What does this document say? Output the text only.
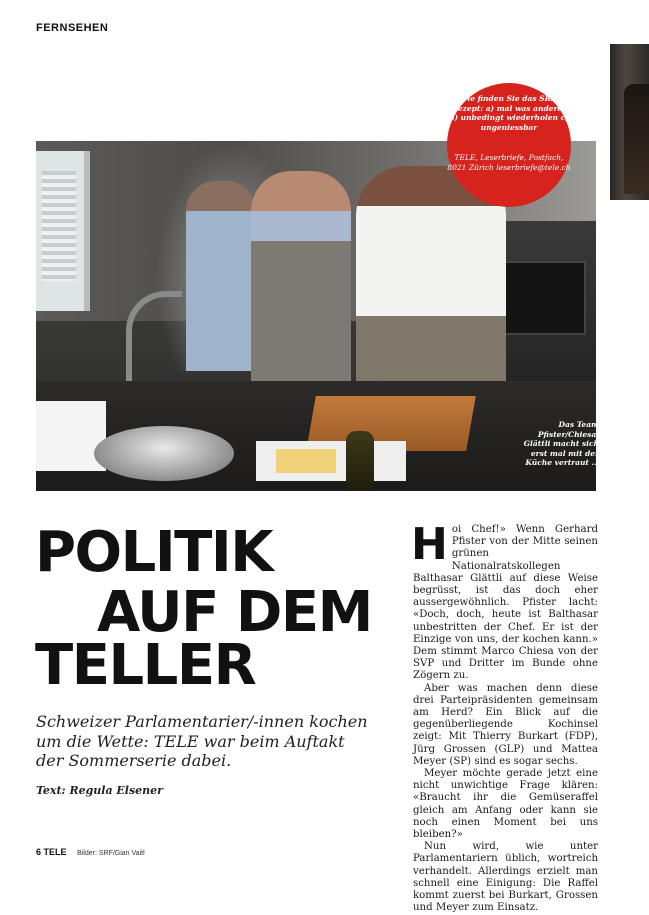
FERNSEHEN
Das Team Pfister/Chiesa/ Glättli macht sich erst mal mit der Küche vertraut …
Wie finden Sie das SRF-Rezept: a) mal was anderes b) unbedingt wiederholen c) ungeniessbar
TELE, Leserbriefe, Postfach, 8021 Zürich leserbriefe@tele.ch
POLITIK
AUF DEM
TELLER
Schweizer Parlamentarier/-innen kochen um die Wette: TELE war beim Auftakt der Sommerserie dabei.
Text: Regula Elsener
H oi Chef!» Wenn Gerhard Pfister von der Mitte seinen grünen Nationalratskollegen Balthasar Glättli auf diese Weise begrüsst, ist das doch eher aussergewöhnlich. Pfister lacht: «Doch, doch, heute ist Balthasar unbestritten der Chef. Er ist der Einzige von uns, der kochen kann.» Dem stimmt Marco Chiesa von der SVP und Dritter im Bunde ohne Zögern zu.

Aber was machen denn diese drei Parteipräsidenten gemeinsam am Herd? Ein Blick auf die gegenüberliegende Kochinsel zeigt: Mit Thierry Burkart (FDP), Jürg Grossen (GLP) und Mattea Meyer (SP) sind es sogar sechs.

Meyer möchte gerade jetzt eine nicht unwichtige Frage klären: «Braucht ihr die Gemüseraffel gleich am Anfang oder kann sie noch einen Moment bei uns bleiben?»

Nun wird, wie unter Parlamentariern üblich, wortreich verhandelt. Allerdings erzielt man schnell eine Einigung: Die Raffel kommt zuerst bei Burkart, Grossen und Meyer zum Einsatz.

6 TELE Bilder: SRF/Gian Vaitl
